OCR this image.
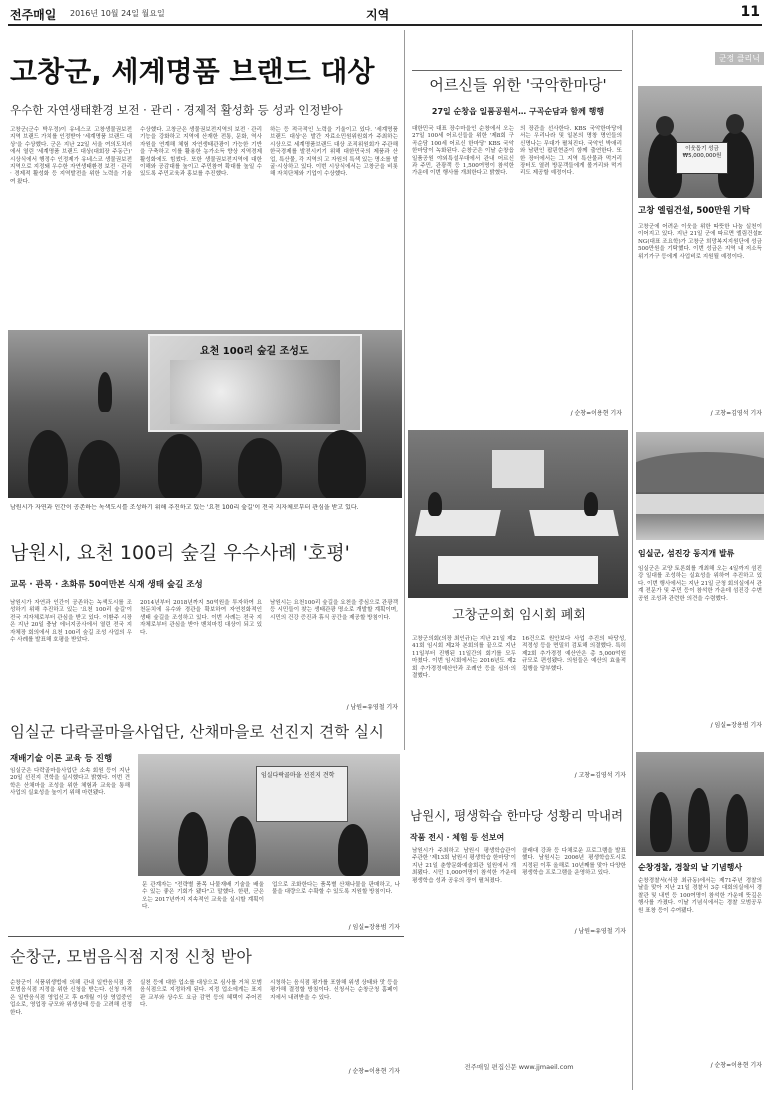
전주매일 2016년 10월 24일 월요일	지역	11
고창군, 세계명품 브랜드 대상
우수한 자연생태환경 보전 · 관리 · 경제적 활성화 등 성과 인정받아
고창군(군수 박우정)이 유네스코 고창생물권보전지역 브랜드 가치를 인정받아 '세계명품 브랜드 대상'을 수상했다. 군은 지난 22일 서울 여의도치러에서 열린 '세계명품 브랜드 대상(대회장 주동근)' 시상식에서 행정수 인정제가 유네스코 생물권보전지역으로 지정돼 우수한 자연생태환경 보전 · 관리 · 경제적 활성화 등 지역발전을 위한 노력을 기울여 왔다.
수상했다. 고창군은 생물권보전지역의 보전 · 관리기능을 강화하고 지역에 산재한 전통, 문화, 역사 자원을 연계해 체험 자연생태관광이 가능한 기반을 구축하고 이를 활용한 농가소득 향상 지역경제 활성화에도 힘썼다. 또한 생물권보전지역에 대한 이해와 공감대를 높이고 주민참여 확대를 높일 수 있도록 주민교육과 홍보를 추진했다.
하는 등 적극적인 노력을 기울이고 있다. '세계명품 브랜드 대상'은 발간 자료소민원위원회가 주최하는 시상으로 세계명품브랜드 대상 조직위원회가 주관해 한국경제를 발전시키기 위해 대한민국의 제품과 산업, 특산물, 각 지역의 고 자원의 특색 있는 명소를 발굴·시상하고 있다. 이번 시상식에서는 고창군을 비롯해 자치단체와 기업이 수상했다.
어르신들 위한 '국악한마당'
27일 순창읍 일품공원서… 구곡순담과 함께 행행
대한민국 대표 장수마을인 순창에서 오는 27일 100세 어르신들을 위한 '제8회 구곡순담 100세 어르신 한마당' KBS 국악한마당이 녹화된다. 순창군은 이날 순창읍 일품공원 야외특설무대에서 관내 어르신과 주민, 관광객 등 1,500여명이 참석한 가운데 이번 행사를 개최한다고 밝혔다.
의 장관을 선사한다. KBS 국악한마당에서는 우리나라 및 일본의 명창 명인들의 신명나는 무대가 펼쳐진다. 국악인 박애리와 남편인 팝핀현준이 함께 출연한다. 또한 장터에서는 그 지역 특산물과 먹거리 장터도 열려 방문객들에게 볼거리와 먹거리도 제공할 예정이다.
/ 순창=이용현 기자
군정 클리닉
이웃돕기 성금 ₩5,000,000원
고창 엘림건설, 500만원 기탁
고창군에 어려운 이웃을 위한 따뜻한 나눔 실천이 이어지고 있다. 지난 21일 군에 따르면 엘림건설ENG(대표 조요학)가 고창군 희망복지지원단에 성금 500만원을 기탁했다. 이번 성금은 지역 내 저소득 위기가구 등에게 사업비로 지원될 예정이다.
/ 고창=김영석 기자
요천 100리 숲길 조성도
남원시가 자연과 인간이 공존하는 녹색도시를 조성하기 위해 추진하고 있는 '요천 100리 숲길'이 전국 지자체로부터 관심을 받고 있다.
남원시, 요천 100리 숲길 우수사례 '호평'
교목 · 관목 · 초화류 50여만본 식재 생태 숲길 조성
남원시가 자연과 인간이 공존하는 녹색도시를 조성하기 위해 추진하고 있는 '요천 100리 숲길'이 전국 지자체로부터 관심을 받고 있다. 이환주 시장은 지난 20일 충남 에너지공사에서 열린 전국 지자체장 회의에서 요천 100리 숲길 조성 사업의 우수 사례를 발표해 호평을 받았다.
2014년부터 2018년까지 50억원을 투자하여 요천둔치에 유수와 경관을 확보하여 자연친화적인 생태 숲길을 조성하고 있다. 이번 사례는 전국 지자체로부터 관심을 받아 벤치마킹 대상이 되고 있다.
남원시는 요천100리 숲길을 요천을 중심으로 관광객 등 시민들이 찾는 생태관광 명소로 개발할 계획이며, 시민의 건강 증진과 휴식 공간을 제공할 방침이다.
/ 남원=유영철 기자
고창군의회 임시회 폐회
고창군의회(의장 최인규)는 지난 21일 제241회 임시회 제2차 본회의를 끝으로 지난 11일부터 진행된 11일간의 회기를 모두 마쳤다. 이번 임시회에서는 2016년도 제2회 추가경정예산안과 조례안 등을 심의·의결했다.
16건으로 원안보다 사업 추진의 타당성, 적정성 등을 면밀히 검토해 의결했다. 특히 제2회 추가경정 예산안은 총 5,000억원 규모로 편성됐다. 의원들은 예산의 효율적 집행을 당부했다.
/ 고창=김영석 기자
임실군, 섬진강 동지개 발류
임실군은 교양 토론회를 개최해 오는 4일까지 섬진강 일대를 조성하는 실효성을 위하여 추진하고 있다. 이번 행사에서는 지난 21일 군청 회의실에서 관계 전문가 및 주민 등이 참석한 가운데 섬진강 수변공원 조성과 관련한 의견을 수렴했다.
/ 임실=장용범 기자
임실군 다락골마을사업단, 산채마을로 선진지 견학 실시
재배기술 이론 교육 등 진행
임실군은 다락골마을사업단 소속 회원 등이 지난 20일 선진지 견학을 실시했다고 밝혔다. 이번 견학은 산채마을 조성을 위한 체험과 교육을 통해 사업의 실효성을 높이기 위해 마련됐다.
임실다락골마을 선진지 견학
문 관계자는 "전략별 품목 나물재배 기술을 배울 수 있는 좋은 기회가 됐다"고 말했다. 한편, 군은 오는 2017년까지 지속적인 교육을 실시할 계획이다.
업으로 조화한다는 품목별 산채나물을 판매하고, 나물을 대량으로 수확할 수 있도록 지원할 방침이다.
/ 임실=장용범 기자
남원시, 평생학습 한마당 성황리 막내려
작품 전시 · 체험 등 선보여
남원시가 주최하고 남원시 평생학습관이 주관한 '제13회 남원시 평생학습 한마당'이 지난 21일 춘향문화예술회관 일원에서 개최됐다. 시민 1,000여명이 참석한 가운데 평생학습 성과 공유의 장이 펼쳐졌다.
클래대 강좌 등 다채로운 프로그램을 발표했다. 남원시는 2006년 평생학습도시로 지정된 이후 올해로 10년째를 맞아 다양한 평생학습 프로그램을 운영하고 있다.
/ 남원=유영철 기자
순창경찰, 경찰의 날 기념행사
순창경찰서(서장 최규동)에서는 제71주년 경찰의 날을 맞아 지난 21일 경찰서 3층 대회의실에서 경찰관 및 내빈 등 100여명이 참석한 가운데 뜻깊은 행사를 가졌다. 이날 기념식에서는 경찰 모범공무원 표창 등이 수여됐다.
/ 순창=이용현 기자
순창군, 모범음식점 지정 신청 받아
순창군이 식품위생법에 의해 관내 일반음식점 중 모범음식점 지정을 위한 신청을 받는다. 신청 자격은 일반음식점 영업신고 후 6개월 이상 영업중인 업소로, 영업장 규모와 위생상태 등을 고려해 선정한다.
실천 등에 대한 업소를 대상으로 심사를 거쳐 모범음식점으로 지정하게 된다. 지정 업소에게는 표지판 교부와 상수도 요금 감면 등의 혜택이 주어진다.
시청하는 음식점 평가를 포함해 위생 상태와 맛 등을 평가해 결정할 방침이다. 신청서는 순창군청 홈페이지에서 내려받을 수 있다.
/ 순창=이용현 기자
전주매일 편집신문 www.jjmaeil.com
